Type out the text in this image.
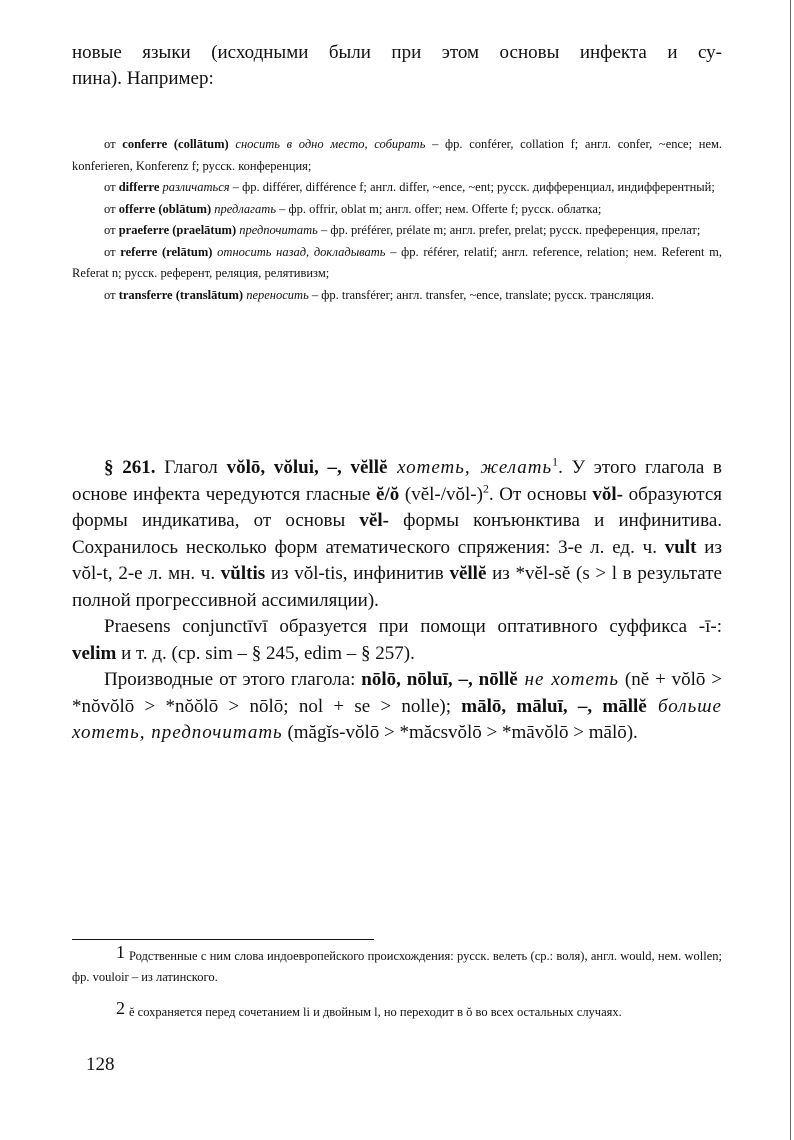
новые языки (исходными были при этом основы инфекта и су-
пина). Например:

от conferre (collātum) сносить в одно место, собирать – фр. conférer, collation f; англ. confer, ~ence; нем. konferieren, Konferenz f; русск. конференция;

от differre различаться – фр. différer, différence f; англ. differ, ~ence, ~ent; русск. дифференциал, индифферентный;

от offerre (oblātum) предлагать – фр. offrir, oblat m; англ. offer; нем. Offerte f; русск. облатка;

от praeferre (praelātum) предпочитать – фр. préférer, prélate m; англ. prefer, prelat; русск. преференция, прелат;

от referre (relātum) относить назад, докладывать – фр. référer, relatif; англ. reference, relation; нем. Referent m, Referat n; русск. референт, реляция, релятивизм;

от transferre (translātum) переносить – фр. transférer; англ. transfer, ~ence, translate; русск. трансляция.

§ 261. Глагол vŏlō, vŏlui, –, vĕllĕ хотеть, желать$^1$. У этого глагола в основе инфекта чередуются гласные ĕ/ŏ (vĕl-/vŏl-)$^2$. От основы vŏl- образуются формы индикатива, от основы vĕl- формы конъюнктива и инфинитива. Сохранилось несколько форм атематического спряжения: 3-е л. ед. ч. vult из vŏl-t, 2-е л. мн. ч. vŭltis из vŏl-tis, инфинитив vĕllĕ из *vĕl-sĕ (s > l в результате полной прогрессивной ассимиляции).

Praesens conjunctīvī образуется при помощи оптативного суффикса -ī-: velim и т. д. (ср. sim – § 245, edim – § 257).

Производные от этого глагола: nōlō, nōluī, –, nōllĕ не хотеть (nĕ + vŏlō > *nŏvŏlō > *nŏŏlō > nōlō; nol + se > nolle); mālō, māluī, –, māllĕ больше хотеть, предпочитать (măgĭs-vŏlō > *măcsvŏlō > *māvŏlō > mālō).

1 Родственные с ним слова индоевропейского происхождения: русск. велеть (ср.: воля), англ. would, нем. wollen; фр. vouloir – из латинского.

2 ĕ сохраняется перед сочетанием li и двойным l, но переходит в ŏ во всех остальных случаях.

128
